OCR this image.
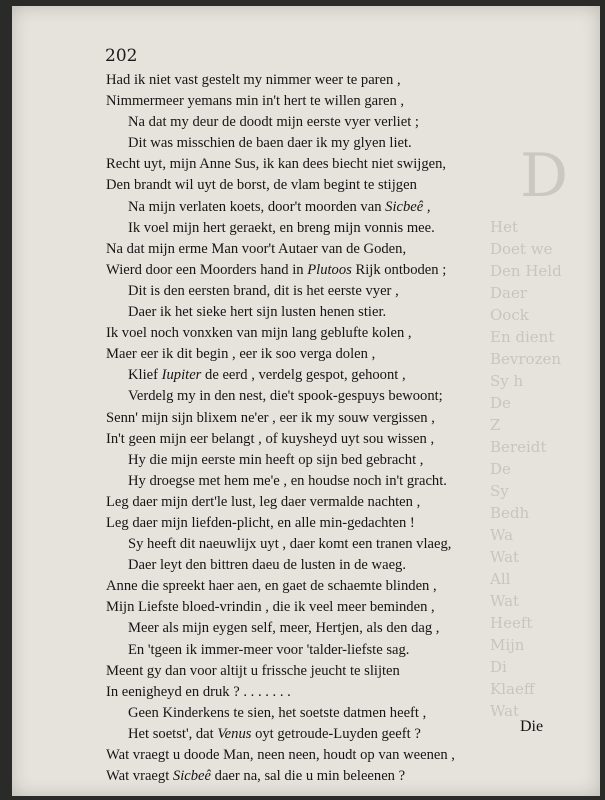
D
Het
Doet we
Den Held
Daer
Oock
En dient
Bevrozen
Sy h
De
Z
Bereidt
De
Sy
Bedh
Wa
Wat
All
Wat
Heeft
Mijn
Di
Klaeff
Wat
202
Had ik niet vast gestelt my nimmer weer te paren ,
Nimmermeer yemans min in't hert te willen garen ,
Na dat my deur de doodt mijn eerste vyer verliet ;
Dit was misschien de baen daer ik my glyen liet.
Recht uyt, mijn Anne Sus, ik kan dees biecht niet swijgen,
Den brandt wil uyt de borst, de vlam begint te stijgen
Na mijn verlaten koets, door't moorden van Sicbeê ,
Ik voel mijn hert geraekt, en breng mijn vonnis mee.
Na dat mijn erme Man voor't Autaer van de Goden,
Wierd door een Moorders hand in Plutoos Rijk ontboden ;
Dit is den eersten brand, dit is het eerste vyer ,
Daer ik het sieke hert sijn lusten henen stier.
Ik voel noch vonxken van mijn lang geblufte kolen ,
Maer eer ik dit begin , eer ik soo verga dolen ,
Klief Iupiter de eerd , verdelg gespot, gehoont ,
Verdelg my in den nest, die't spook-gespuys bewoont;
Senn' mijn sijn blixem ne'er , eer ik my souw vergissen ,
In't geen mijn eer belangt , of kuysheyd uyt sou wissen ,
Hy die mijn eerste min heeft op sijn bed gebracht ,
Hy droegse met hem me'e , en houdse noch in't gracht.
Leg daer mijn dert'le lust, leg daer vermalde nachten ,
Leg daer mijn liefden-plicht, en alle min-gedachten !
Sy heeft dit naeuwlijx uyt , daer komt een tranen vlaeg,
Daer leyt den bittren daeu de lusten in de waeg.
Anne die spreekt haer aen, en gaet de schaemte blinden ,
Mijn Liefste bloed-vrindin , die ik veel meer beminden ,
Meer als mijn eygen self, meer, Hertjen, als den dag ,
En 'tgeen ik immer-meer voor 'talder-liefste sag.
Meent gy dan voor altijt u frissche jeucht te slijten
In eenigheyd en druk ? . . . . . . .
Geen Kinderkens te sien, het soetste datmen heeft ,
Het soetst', dat Venus oyt getroude-Luyden geeft ?
Wat vraegt u doode Man, neen neen, houdt op van weenen ,
Wat vraegt Sicbeê daer na, sal die u min beleenen ?
Die
